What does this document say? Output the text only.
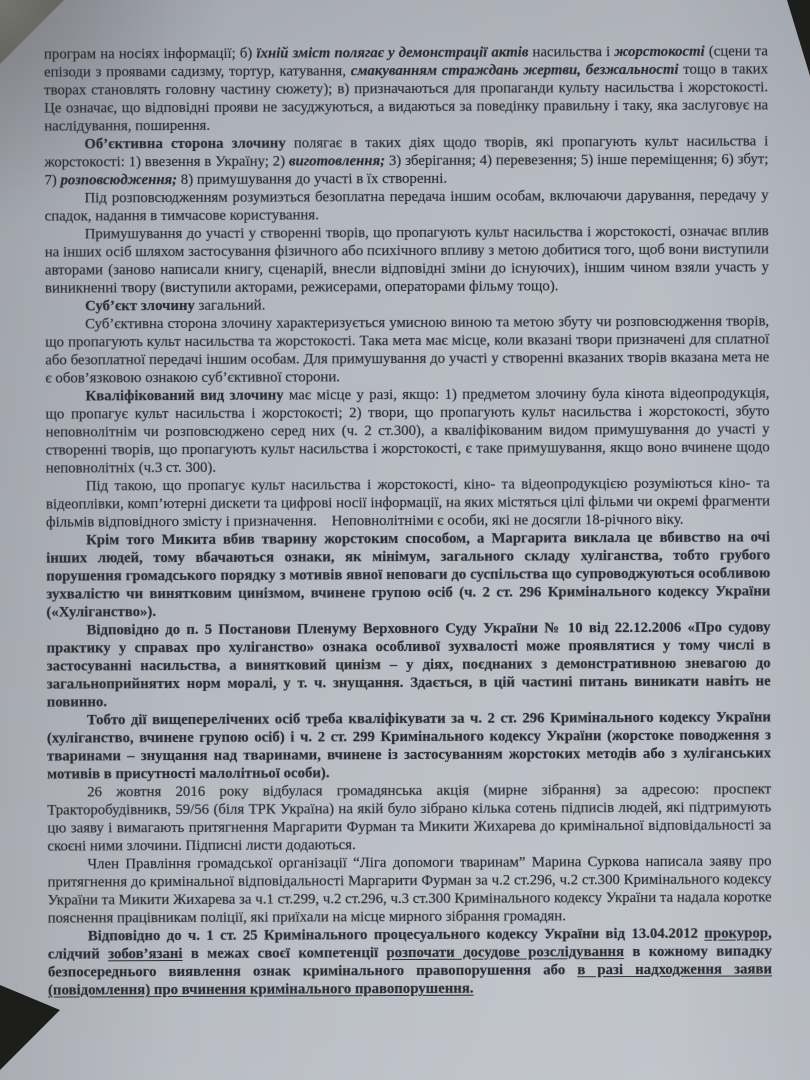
програм на носіях інформації; б) їхній зміст полягає у демонстрації актів насильства і жорстокості (сцени та епізоди з проявами садизму, тортур, катування, смакуванням страждань жертви, безжальності тощо в таких творах становлять головну частину сюжету); в) призначаються для пропаганди культу насильства і жорстокості. Це означає, що відповідні прояви не засуджуються, а видаються за поведінку правильну і таку, яка заслуговує на наслідування, поширення.

Об’єктивна сторона злочину полягає в таких діях щодо творів, які пропагують культ насильства і жорстокості: 1) ввезення в Україну; 2) виготовлення; 3) зберігання; 4) перевезення; 5) інше переміщення; 6) збут; 7) розповсюдження; 8) примушування до участі в їх створенні.

Під розповсюдженням розумиэться безоплатна передача іншим особам, включаючи дарування, передачу у спадок, надання в тимчасове користування.

Примушування до участі у створенні творів, що пропагують культ насильства і жорстокості, означає вплив на інших осіб шляхом застосування фізичного або психічного впливу з метою добитися того, щоб вони виступили авторами (заново написали книгу, сценарій, внесли відповідні зміни до існуючих), іншим чином взяли участь у виникненні твору (виступили акторами, режисерами, операторами фільму тощо).

Суб’єкт злочину загальний.

Суб’єктивна сторона злочину характеризується умисною виною та метою збуту чи розповсюдження творів, що пропагують культ насильства та жорстокості. Така мета має місце, коли вказані твори призначені для сплатної або безоплатної передачі іншим особам. Для примушування до участі у створенні вказаних творів вказана мета не є обов’язковою ознакою суб’єктивної сторони.

Кваліфікований вид злочину має місце у разі, якщо: 1) предметом злочину була кінота відеопродукція, що пропагує культ насильства і жорстокості; 2) твори, що пропагують культ насильства і жорстокості, збуто неповнолітнім чи розповсюджено серед них (ч. 2 ст.300), а кваліфікованим видом примушування до участі у створенні творів, що пропагують культ насильства і жорстокості, є таке примушування, якщо воно вчинене щодо неповнолітніх (ч.3 ст. 300).

Під такою, що пропагує культ насильства і жорстокості, кіно- та відеопродукцією розуміються кіно- та відеоплівки, комп’ютерні дискети та цифрові носії інформації, на яких містяться цілі фільми чи окремі фрагменти фільмів відповідного змісту і призначення.    Неповнолітніми є особи, які не досягли 18-річного віку.

Крім того Микита вбив тварину жорстоким способом, а Маргарита виклала це вбивство на очі інших людей, тому вбачаються ознаки, як мінімум, загального складу хуліганства, тобто грубого порушення громадського порядку з мотивів явної неповаги до суспільства що супроводжуються особливою зухвалістю чи винятковим цинізмом, вчинене групою осіб (ч. 2 ст. 296 Кримінального кодексу України («Хуліганство»).

Відповідно до п. 5 Постанови Пленуму Верховного Суду України № 10 від 22.12.2006 «Про судову практику у справах про хуліганство» ознака особливої зухвалості може проявлятися у тому числі в застосуванні насильства, а винятковий цинізм – у діях, поєднаних з демонстративною зневагою до загальноприйнятих норм моралі, у т. ч. знущання. Здається, в цій частині питань виникати навіть не повинно.

Тобто дії вищеперелічених осіб треба кваліфікувати за ч. 2 ст. 296 Кримінального кодексу України (хуліганство, вчинене групою осіб) і ч. 2 ст. 299 Кримінального кодексу України (жорстоке поводження з тваринами – знущання над тваринами, вчинене із застосуванням жорстоких методів або з хуліганських мотивів в присутності малолітньої особи).

26 жовтня 2016 року відбулася громадянська акція (мирне зібрання) за адресою: проспект Тракторобудівникв, 59/56 (біля ТРК Україна) на якій було зібрано кілька сотень підписів людей, які підтримують цю заяву і вимагають притягнення Маргарити Фурман та Микити Жихарева до кримінальної відповідальності за скоєні ними злочини. Підписні листи додаються.

Член Правління громадської організації “Ліга допомоги тваринам” Марина Суркова написала заяву про притягнення до кримінальної відповідальності Маргарити Фурман за ч.2 ст.296, ч.2 ст.300 Кримінального кодексу України та Микити Жихарева за ч.1 ст.299, ч.2 ст.296, ч.3 ст.300 Кримінального кодексу України та надала коротке пояснення працівникам поліції, які приїхали на місце мирного зібрання громадян.

Відповідно до ч. 1 ст. 25 Кримінального процесуального кодексу України від 13.04.2012 прокурор, слідчий зобов’язані в межах своєї компетенції розпочати досудове розслідування в кожному випадку безпосереднього виявлення ознак кримінального правопорушення або в разі надходження заяви (повідомлення) про вчинення кримінального правопорушення.
